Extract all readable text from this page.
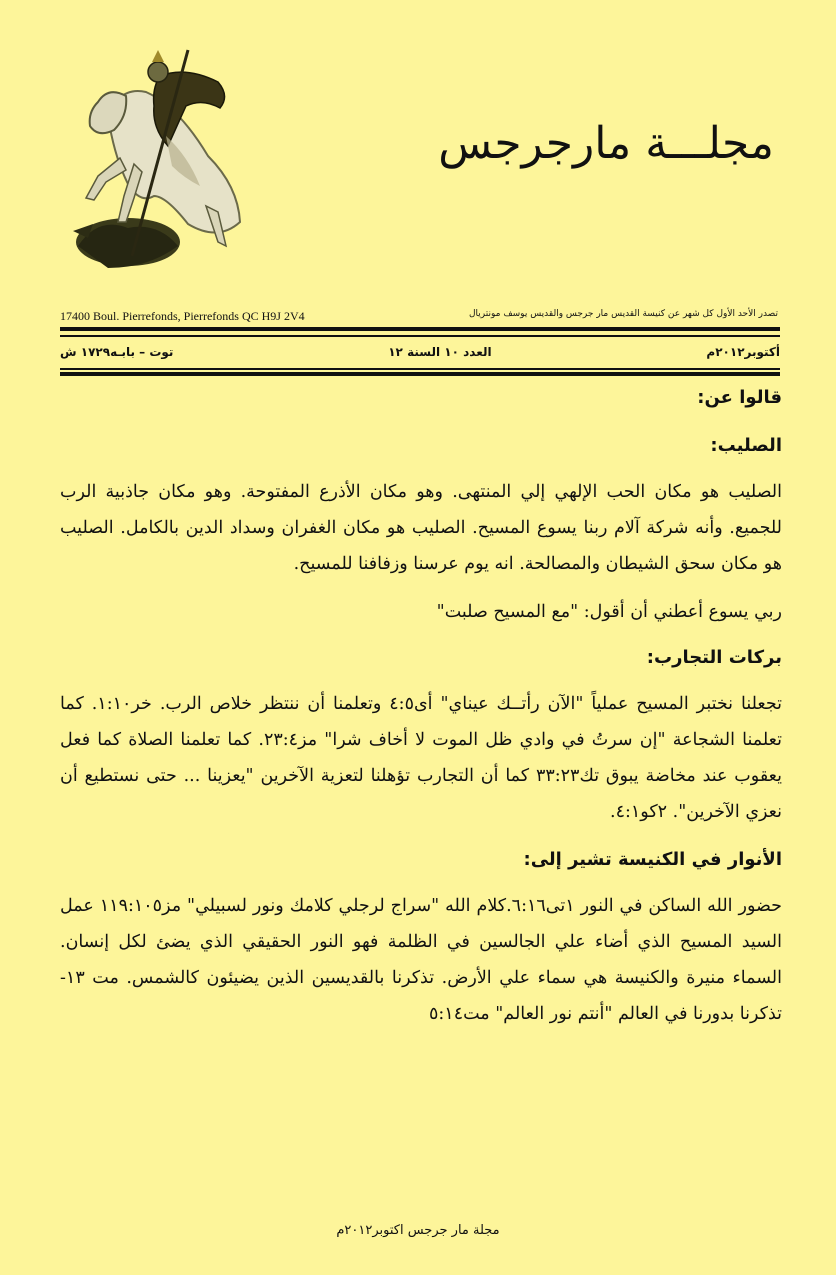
مجلـــة مارجرجس
17400 Boul. Pierrefonds, Pierrefonds QC H9J 2V4	تصدر الأحد الأول كل شهر عن كنيسة القديس مار جرجس والقديس يوسف مونتريال
أكتوبر٢٠١٢م
العدد ١٠ السنة ١٢
توت – بابـه١٧٢٩ ش
قالوا عن:
الصليب:

الصليب هو مكان الحب الإلهي إلي المنتهى. وهو مكان الأذرع المفتوحة. وهو مكان جاذبية الرب للجميع. وأنه شركة آلام ربنا يسوع المسيح. الصليب هو مكان الغفران وسداد الدين بالكامل. الصليب هو مكان سحق الشيطان والمصالحة. انه يوم عرسنا وزفافنا للمسيح.

ربي يسوع أعطني أن أقول: "مع المسيح صلبت"

بركات التجارب:

تجعلنا نختبر المسيح عملياً "الآن رأتــك عيناي" أى٤:٥ وتعلمنا أن ننتظر خلاص الرب. خر١:١٠. كما تعلمنا الشجاعة "إن سرتُ في وادي ظل الموت لا أخاف شرا" مز٢٣:٤. كما تعلمنا الصلاة كما فعل يعقوب عند مخاضة يبوق تك٣٣:٢٣ كما أن التجارب تؤهلنا لتعزية الآخرين "يعزينا ... حتى نستطيع أن نعزي الآخرين". ٢كو٤:١.

الأنوار في الكنيسة تشير إلى:

حضور الله الساكن في النور ١تى٦:١٦.كلام الله "سراج لرجلي كلامك ونور لسبيلي" مز١١٩:١٠٥ عمل السيد المسيح الذي أضاء علي الجالسين في الظلمة فهو النور الحقيقي الذي يضئ لكل إنسان. السماء منيرة والكنيسة هي سماء علي الأرض. تذكرنا بالقديسين الذين يضيئون كالشمس. مت ١٣-تذكرنا بدورنا في العالم "أنتم نور العالم" مت٥:١٤

مجلة مار جرجس اكتوبر٢٠١٢م
